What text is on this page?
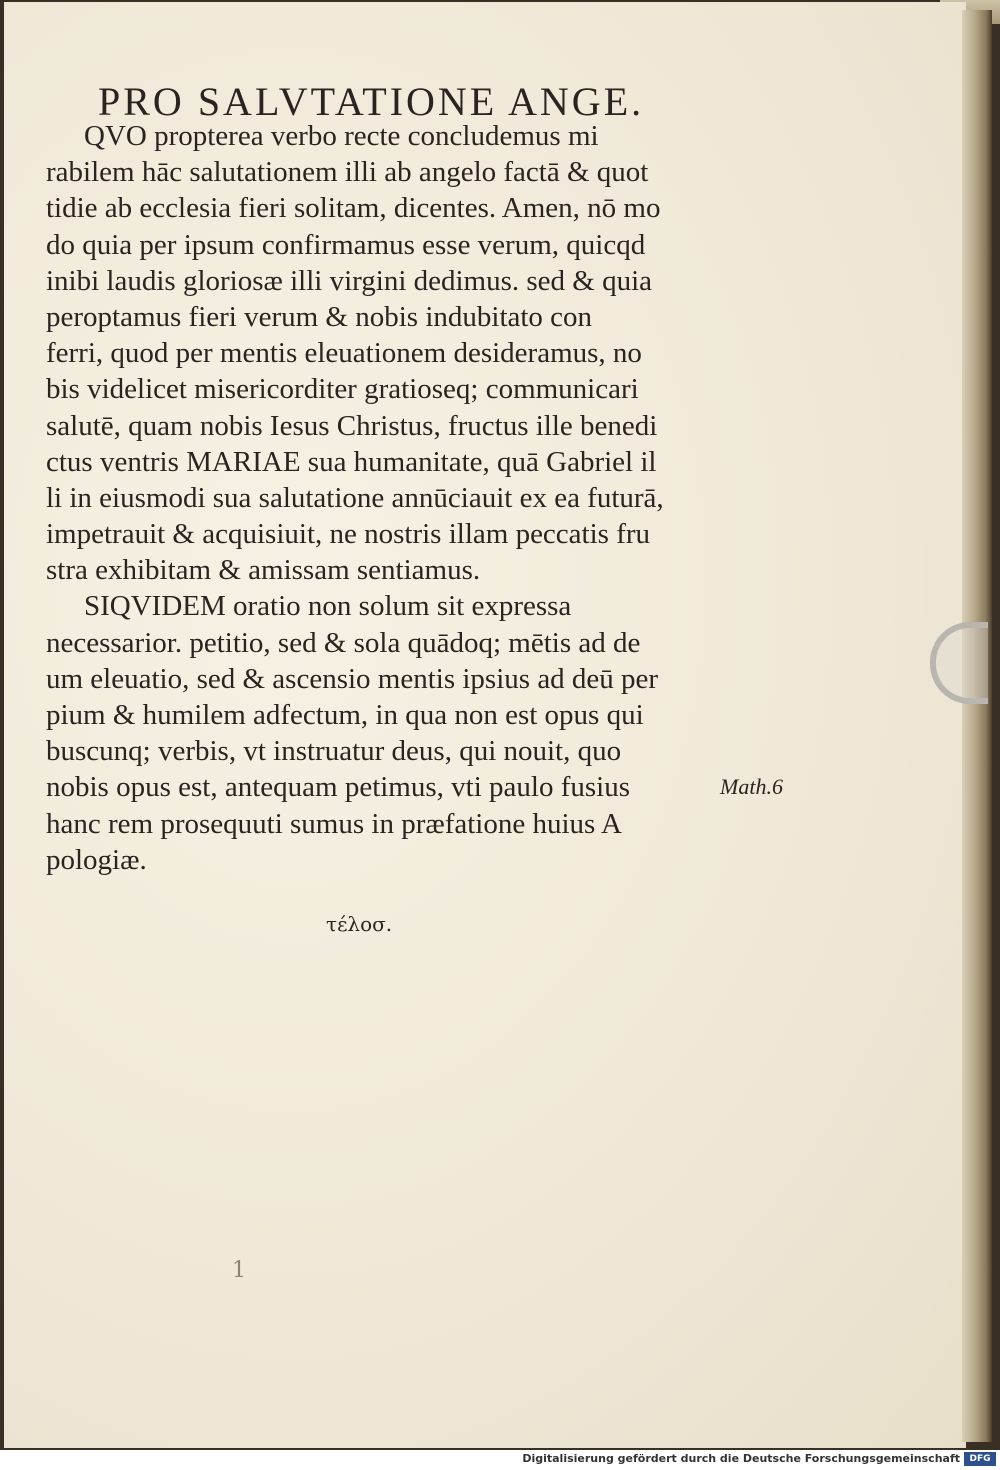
PRO SALVTATIONE ANGE.
QVO propterea verbo recte concludemus mi
rabilem hāc salutationem illi ab angelo factā & quot
tidie ab ecclesia fieri solitam, dicentes. Amen, nō mo
do quia per ipsum confirmamus esse verum, quicqd
inibi laudis gloriosæ illi virgini dedimus. sed & quia
peroptamus fieri verum & nobis indubitato con
ferri, quod per mentis eleuationem desideramus, no
bis videlicet misericorditer gratioseq; communicari
salutē, quam nobis Iesus Christus, fructus ille benedi
ctus ventris MARIAE sua humanitate, quā Gabriel il
li in eiusmodi sua salutatione annūciauit ex ea futurā,
impetrauit & acquisiuit, ne nostris illam peccatis fru
stra exhibitam & amissam sentiamus.
SIQVIDEM oratio non solum sit expressa
necessarior. petitio, sed & sola quādoq; mētis ad de
um eleuatio, sed & ascensio mentis ipsius ad deū per
pium & humilem adfectum, in qua non est opus qui
buscunq; verbis, vt instruatur deus, qui nouit, quo
nobis opus est, antequam petimus, vti paulo fusius
hanc rem prosequuti sumus in præfatione huius A
pologiæ.
Math.6
τέλοσ.
1
Digitalisierung gefördert durch die Deutsche Forschungsgemeinschaft	DFG
